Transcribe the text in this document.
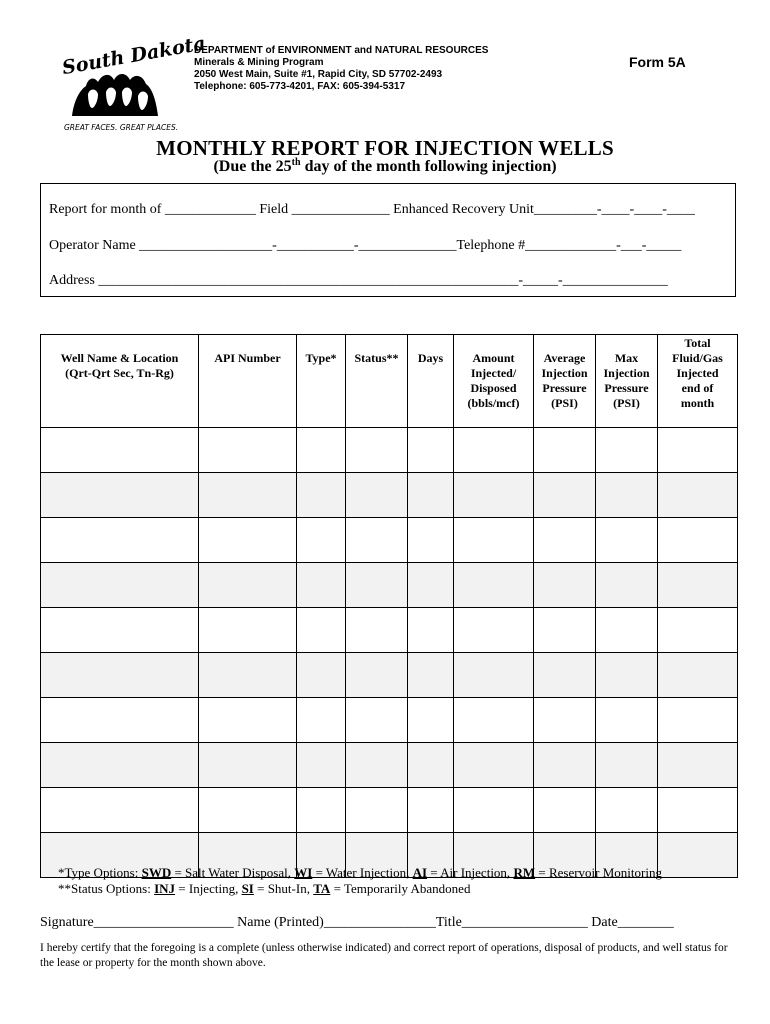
South Dakota
GREAT FACES. GREAT PLACES.
DEPARTMENT of ENVIRONMENT and NATURAL RESOURCES
Minerals & Mining Program
2050 West Main, Suite #1, Rapid City, SD 57702-2493
Telephone: 605-773-4201, FAX: 605-394-5317
Form 5A
MONTHLY REPORT FOR INJECTION WELLS
(Due the 25th day of the month following injection)
Report for month of _____________ Field ______________ Enhanced Recovery Unit_________-____-____-____
Operator Name ___________________-___________-______________Telephone #_____________-___-_____
Address ____________________________________________________________-_____-_______________
Well Name & Location
(Qrt-Qrt Sec, Tn-Rg)	API Number	Type*	Status**	Days	Amount
Injected/
Disposed
(bbls/mcf)	Average
Injection
Pressure
(PSI)	Max
Injection
Pressure
(PSI)	Total
Fluid/Gas
Injected
end of
month

*Type Options: SWD = Salt Water Disposal, WI = Water Injection, AI = Air Injection, RM = Reservoir Monitoring
**Status Options: INJ = Injecting, SI = Shut-In, TA = Temporarily Abandoned
Signature____________________ Name (Printed)________________Title__________________ Date________
I hereby certify that the foregoing is a complete (unless otherwise indicated) and correct report of operations, disposal of products, and well status for the lease or property for the month shown above.
